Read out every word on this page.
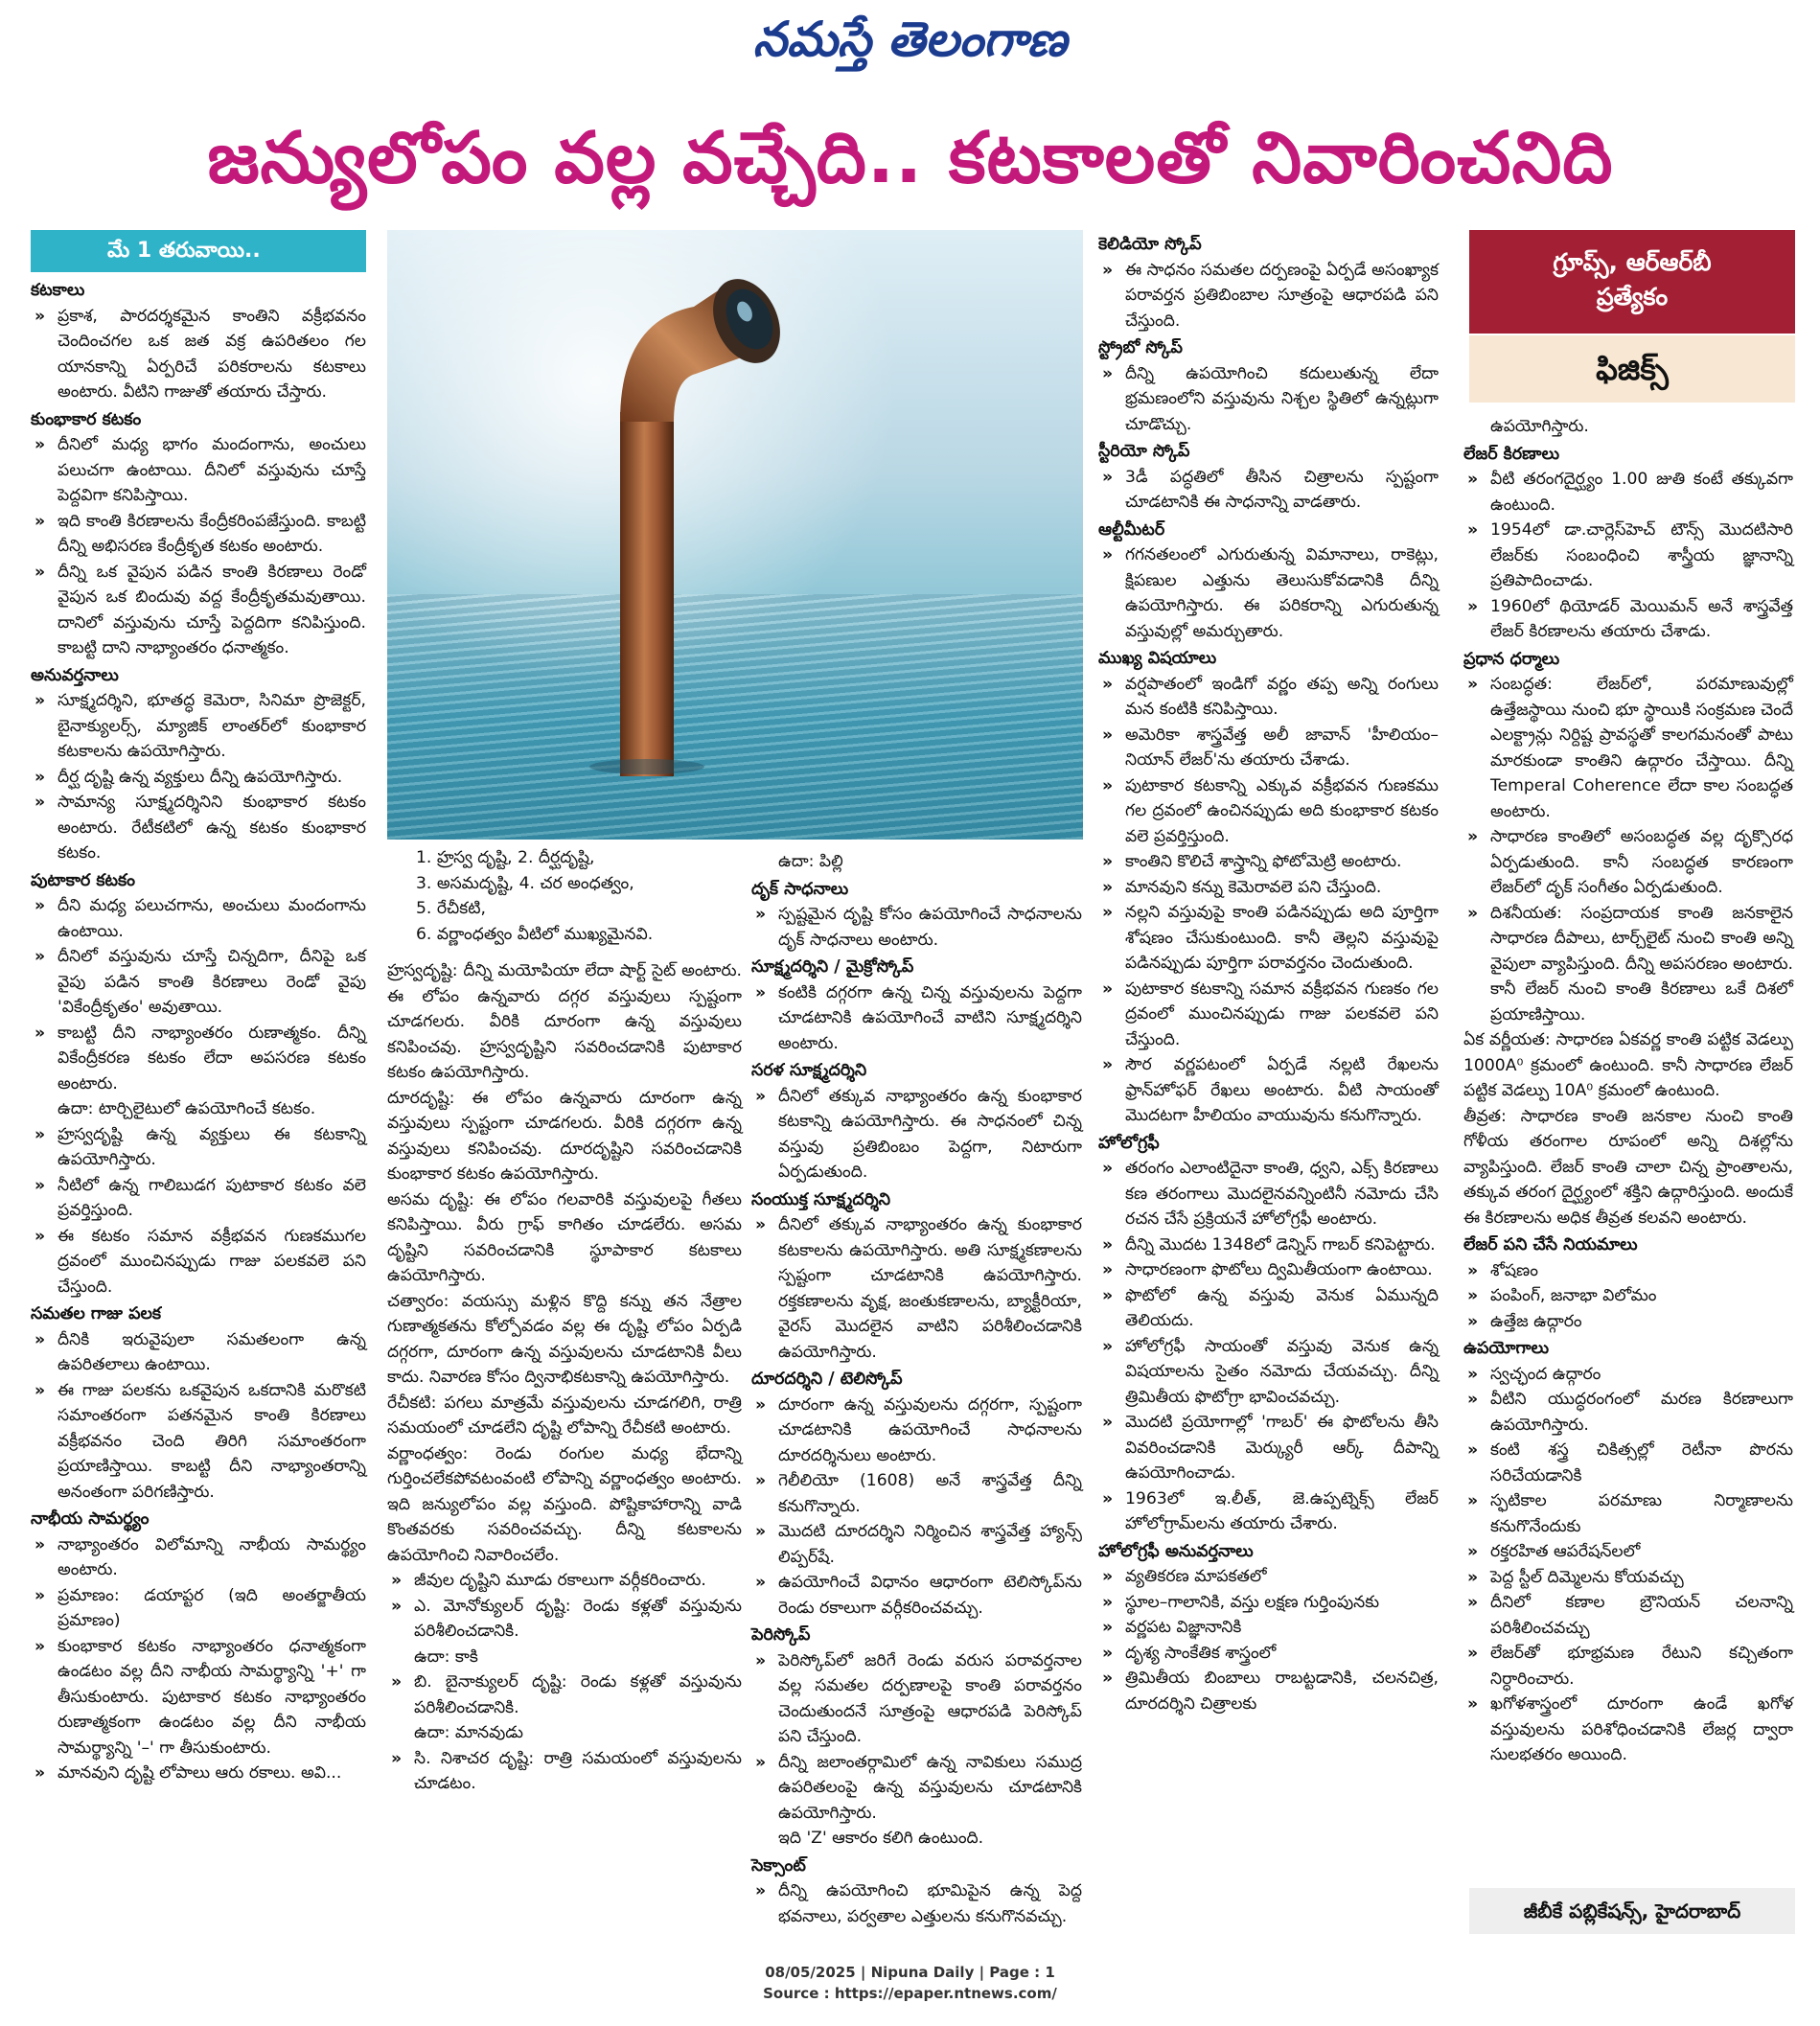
నమస్తే తెలంగాణ
జన్యులోపం వల్ల వచ్చేది.. కటకాలతో నివారించనిది
మే 1 తరువాయి..
కటకాలు
» ప్రకాశ, పారదర్శకమైన కాంతిని వక్రీభవనం చెందించగల ఒక జత వక్ర ఉపరితలం గల యానకాన్ని ఏర్పరిచే పరికరాలను కటకాలు అంటారు. వీటిని గాజుతో తయారు చేస్తారు.
కుంభాకార కటకం
» దీనిలో మధ్య భాగం మందంగాను, అంచులు పలుచగా ఉంటాయి. దీనిలో వస్తువును చూస్తే పెద్దవిగా కనిపిస్తాయి.
» ఇది కాంతి కిరణాలను కేంద్రీకరింపజేస్తుంది. కాబట్టి దీన్ని అభిసరణ కేంద్రీకృత కటకం అంటారు.
» దీన్ని ఒక వైపున పడిన కాంతి కిరణాలు రెండో వైపున ఒక బిందువు వద్ద కేంద్రీకృతమవుతాయి. దానిలో వస్తువును చూస్తే పెద్దదిగా కనిపిస్తుంది. కాబట్టి దాని నాభ్యాంతరం ధనాత్మకం.
అనువర్తనాలు
» సూక్ష్మదర్శిని, భూతద్ధ కెమెరా, సినిమా ప్రొజెక్టర్‌, బైనాక్యులర్స్‌, మ్యాజిక్‌ లాంతర్‌లో కుంభాకార కటకాలను ఉపయోగిస్తారు.
» దీర్ఘ దృష్టి ఉన్న వ్యక్తులు దీన్ని ఉపయోగిస్తారు.
» సామాన్య సూక్ష్మదర్శినిని కుంభాకార కటకం అంటారు. రేటీకటిలో ఉన్న కటకం కుంభాకార కటకం.
పుటాకార కటకం
» దీని మధ్య పలుచగాను, అంచులు మందంగాను ఉంటాయి.
» దీనిలో వస్తువును చూస్తే చిన్నదిగా, దీనిపై ఒక వైపు పడిన కాంతి కిరణాలు రెండో వైపు 'వికేంద్రీకృతం' అవుతాయి.
» కాబట్టి దీని నాభ్యాంతరం రుణాత్మకం. దీన్ని వికేంద్రీకరణ కటకం లేదా అపసరణ కటకం అంటారు.
ఉదా: టార్చిలైటులో ఉపయోగించే కటకం.
» హ్రస్వదృష్టి ఉన్న వ్యక్తులు ఈ కటకాన్ని ఉపయోగిస్తారు.
» నీటిలో ఉన్న గాలిబుడగ పుటాకార కటకం వలె ప్రవర్తిస్తుంది.
» ఈ కటకం సమాన వక్రీభవన గుణకముగల ద్రవంలో ముంచినప్పుడు గాజు పలకవలె పని చేస్తుంది.
సమతల గాజు పలక
» దీనికి ఇరువైపులా సమతలంగా ఉన్న ఉపరితలాలు ఉంటాయి.
» ఈ గాజు పలకను ఒకవైపున ఒకదానికి మరొకటి సమాంతరంగా పతనమైన కాంతి కిరణాలు వక్రీభవనం చెంది తిరిగి సమాంతరంగా ప్రయాణిస్తాయి. కాబట్టి దీని నాభ్యాంతరాన్ని అనంతంగా పరిగణిస్తారు.
నాభీయ సామర్థ్యం
» నాభ్యాంతరం విలోమాన్ని నాభీయ సామర్థ్యం అంటారు.
» ప్రమాణం: డయాప్టర (ఇది అంతర్జాతీయ ప్రమాణం)
» కుంభాకార కటకం నాభ్యాంతరం ధనాత్మకంగా ఉండటం వల్ల దీని నాభీయ సామర్థ్యాన్ని '+' గా తీసుకుంటారు. పుటాకార కటకం నాభ్యాంతరం రుణాత్మకంగా ఉండటం వల్ల దీని నాభీయ సామర్థ్యాన్ని '–' గా తీసుకుంటారు.
» మానవుని దృష్టి లోపాలు ఆరు రకాలు. అవి...
1. హ్రస్వ దృష్టి, 2. దీర్ఘదృష్టి,
3. అసమదృష్టి, 4. చర అంధత్వం,
5. రేచీకటి,
6. వర్ణాంధత్వం వీటిలో ముఖ్యమైనవి.
హ్రస్వదృష్టి: దీన్ని మయోపియా లేదా షార్ట్‌ సైట్‌ అంటారు. ఈ లోపం ఉన్నవారు దగ్గర వస్తువులు స్పష్టంగా చూడగలరు. వీరికి దూరంగా ఉన్న వస్తువులు కనిపించవు. హ్రస్వదృష్టిని సవరించడానికి పుటాకార కటకం ఉపయోగిస్తారు.
దూరదృష్టి: ఈ లోపం ఉన్నవారు దూరంగా ఉన్న వస్తువులు స్పష్టంగా చూడగలరు. వీరికి దగ్గరగా ఉన్న వస్తువులు కనిపించవు. దూరదృష్టిని సవరించడానికి కుంభాకార కటకం ఉపయోగిస్తారు.
అసమ దృష్టి: ఈ లోపం గలవారికి వస్తువులపై గీతలు కనిపిస్తాయి. వీరు గ్రాఫ్‌ కాగితం చూడలేరు. అసమ దృష్టిని సవరించడానికి స్థూపాకార కటకాలు ఉపయోగిస్తారు.
చత్వారం: వయస్సు మళ్లిన కొద్ది కన్ను తన నేత్రాల గుణాత్మకతను కోల్పోవడం వల్ల ఈ దృష్టి లోపం ఏర్పడి దగ్గరగా, దూరంగా ఉన్న వస్తువులను చూడటానికి వీలు కాదు. నివారణ కోసం ద్వినాభికటకాన్ని ఉపయోగిస్తారు.
రేచీకటి: పగలు మాత్రమే వస్తువులను చూడగలిగి, రాత్రి సమయంలో చూడలేని దృష్టి లోపాన్ని రేచీకటి అంటారు.
వర్ణాంధత్వం: రెండు రంగుల మధ్య భేదాన్ని గుర్తించలేకపోవటంవంటి లోపాన్ని వర్ణాంధత్వం అంటారు. ఇది జన్యులోపం వల్ల వస్తుంది. పోష్టికాహారాన్ని వాడి కొంతవరకు సవరించవచ్చు. దీన్ని కటకాలను ఉపయోగించి నివారించలేం.
» జీవుల దృష్టిని మూడు రకాలుగా వర్గీకరించారు.
» ఎ. మోనోక్యులర్‌ దృష్టి: రెండు కళ్లతో వస్తువును పరిశీలించడానికి.
ఉదా: కాకి
» బి. బైనాక్యులర్‌ దృష్టి: రెండు కళ్లతో వస్తువును పరిశీలించడానికి.
ఉదా: మానవుడు
» సి. నిశాచర దృష్టి: రాత్రి సమయంలో వస్తువులను చూడటం.
ఉదా: పిల్లి
దృక్‌ సాధనాలు
» స్పష్టమైన దృష్టి కోసం ఉపయోగించే సాధనాలను దృక్‌ సాధనాలు అంటారు.
సూక్ష్మదర్శిని / మైక్రోస్కోప్‌
» కంటికి దగ్గరగా ఉన్న చిన్న వస్తువులను పెద్దగా చూడటానికి ఉపయోగించే వాటిని సూక్ష్మదర్శిని అంటారు.
సరళ సూక్ష్మదర్శిని
» దీనిలో తక్కువ నాభ్యాంతరం ఉన్న కుంభాకార కటకాన్ని ఉపయోగిస్తారు. ఈ సాధనంలో చిన్న వస్తువు ప్రతిబింబం పెద్దగా, నిటారుగా ఏర్పడుతుంది.
సంయుక్త సూక్ష్మదర్శిని
» దీనిలో తక్కువ నాభ్యాంతరం ఉన్న కుంభాకార కటకాలను ఉపయోగిస్తారు. అతి సూక్ష్మకణాలను స్పష్టంగా చూడటానికి ఉపయోగిస్తారు. రక్తకణాలను వృక్ష, జంతుకణాలను, బ్యాక్టీరియా, వైరస్‌ మొదలైన వాటిని పరిశీలించడానికి ఉపయోగిస్తారు.
దూరదర్శిని / టెలిస్కోప్‌
» దూరంగా ఉన్న వస్తువులను దగ్గరగా, స్పష్టంగా చూడటానికి ఉపయోగించే సాధనాలను దూరదర్శినులు అంటారు.
» గెలీలియో (1608) అనే శాస్త్రవేత్త దీన్ని కనుగొన్నారు.
» మొదటి దూరదర్శిని నిర్మించిన శాస్త్రవేత్త హ్యాన్స్‌ లిప్పర్‌షే.
» ఉపయోగించే విధానం ఆధారంగా టెలిస్కోప్‌ను రెండు రకాలుగా వర్గీకరించవచ్చు.
పెరిస్కోప్‌
» పెరిస్కోప్‌లో జరిగే రెండు వరుస పరావర్తనాల వల్ల సమతల దర్పణాలపై కాంతి పరావర్తనం చెందుతుందనే సూత్రంపై ఆధారపడి పెరిస్కోప్‌ పని చేస్తుంది.
» దీన్ని జలాంతర్గామిలో ఉన్న నావికులు సముద్ర ఉపరితలంపై ఉన్న వస్తువులను చూడటానికి ఉపయోగిస్తారు.
ఇది 'Z' ఆకారం కలిగి ఉంటుంది.
సెక్సాంట్‌
» దీన్ని ఉపయోగించి భూమిపైన ఉన్న పెద్ద భవనాలు, పర్వతాల ఎత్తులను కనుగొనవచ్చు.
కెలిడియో స్కోప్‌
» ఈ సాధనం సమతల దర్పణంపై ఏర్పడే అసంఖ్యాక పరావర్తన ప్రతిబింబాల సూత్రంపై ఆధారపడి పని చేస్తుంది.
స్ట్రోబో స్కోప్‌
» దీన్ని ఉపయోగించి కదులుతున్న లేదా భ్రమణంలోని వస్తువును నిశ్చల స్థితిలో ఉన్నట్లుగా చూడొచ్చు.
స్టీరియో స్కోప్‌
» 3డీ పద్ధతిలో తీసిన చిత్రాలను స్పష్టంగా చూడటానికి ఈ సాధనాన్ని వాడతారు.
ఆల్టీమీటర్‌
» గగనతలంలో ఎగురుతున్న విమానాలు, రాకెట్లు, క్షిపణుల ఎత్తును తెలుసుకోవడానికి దీన్ని ఉపయోగిస్తారు. ఈ పరికరాన్ని ఎగురుతున్న వస్తువుల్లో అమర్చుతారు.
ముఖ్య విషయాలు
» వర్షపాతంలో ఇండిగో వర్ణం తప్ప అన్ని రంగులు మన కంటికి కనిపిస్తాయి.
» అమెరికా శాస్త్రవేత్త అలీ జావాన్‌ 'హీలియం–నియాన్‌ లేజర్‌'ను తయారు చేశాడు.
» పుటాకార కటకాన్ని ఎక్కువ వక్రీభవన గుణకము గల ద్రవంలో ఉంచినప్పుడు అది కుంభాకార కటకం వలె ప్రవర్తిస్తుంది.
» కాంతిని కొలిచే శాస్త్రాన్ని ఫోటోమెట్రి అంటారు.
» మానవుని కన్ను కెమెరావలె పని చేస్తుంది.
» నల్లని వస్తువుపై కాంతి పడినప్పుడు అది పూర్తిగా శోషణం చేసుకుంటుంది. కానీ తెల్లని వస్తువుపై పడినప్పుడు పూర్తిగా పరావర్తనం చెందుతుంది.
» పుటాకార కటకాన్ని సమాన వక్రీభవన గుణకం గల ద్రవంలో ముంచినప్పుడు గాజు పలకవలె పని చేస్తుంది.
» సౌర వర్ణపటంలో ఏర్పడే నల్లటి రేఖలను ఫ్రాన్‌హోఫర్‌ రేఖలు అంటారు. వీటి సాయంతో మొదటగా హీలియం వాయువును కనుగొన్నారు.
హోలోగ్రఫీ
» తరంగం ఎలాంటిదైనా కాంతి, ధ్వని, ఎక్స్‌ కిరణాలు కణ తరంగాలు మొదలైనవన్నింటినీ నమోదు చేసి రచన చేసే ప్రక్రియనే హోలోగ్రఫీ అంటారు.
» దీన్ని మొదట 1348లో డెన్నిస్‌ గాబర్‌ కనిపెట్టారు.
» సాధారణంగా ఫొటోలు ద్విమితీయంగా ఉంటాయి.
» ఫొటోలో ఉన్న వస్తువు వెనుక ఏమున్నది తెలియదు.
» హోలోగ్రఫీ సాయంతో వస్తువు వెనుక ఉన్న విషయాలను సైతం నమోదు చేయవచ్చు. దీన్ని త్రిమితీయ ఫొటోగ్రా భావించవచ్చు.
» మొదటి ప్రయోగాల్లో 'గాబర్‌' ఈ ఫొటోలను తీసి వివరించడానికి మెర్క్యురీ ఆర్క్‌ దీపాన్ని ఉపయోగించాడు.
» 1963లో ఇ.లీత్‌, జె.ఉప్పట్నెక్స్‌ లేజర్‌ హోలోగ్రామ్‌లను తయారు చేశారు.
హోలోగ్రఫీ అనువర్తనాలు
» వ్యతికరణ మాపకతలో
» స్థూల–గాలానికి, వస్తు లక్షణ గుర్తింపునకు
» వర్ణపట విజ్ఞానానికి
» దృశ్య సాంకేతిక శాస్త్రంలో
» త్రిమితీయ బింబాలు రాబట్టడానికి, చలనచిత్ర, దూరదర్శిని చిత్రాలకు
గ్రూప్స్‌, ఆర్‌ఆర్‌బీ
ప్రత్యేకం
ఫిజిక్స్‌
ఉపయోగిస్తారు.
లేజర్‌ కిరణాలు
» వీటి తరంగదైర్ఘ్యం 1.00 జుతి కంటే తక్కువగా ఉంటుంది.
» 1954లో డా.చార్లెస్‌హెచ్‌ టౌన్స్‌ మొదటిసారి లేజర్‌కు సంబంధించి శాస్త్రీయ జ్ఞానాన్ని ప్రతిపాదించాడు.
» 1960లో థియోడర్‌ మెయిమన్‌ అనే శాస్త్రవేత్త లేజర్‌ కిరణాలను తయారు చేశాడు.
ప్రధాన ధర్మాలు
» సంబద్ధత: లేజర్‌లో, పరమాణువుల్లో ఉత్తేజస్థాయి నుంచి భూ స్థాయికి సంక్రమణ చెందే ఎలక్ట్రాన్లు నిర్దిష్ట ప్రావస్థతో కాలగమనంతో పాటు మారకుండా కాంతిని ఉద్గారం చేస్తాయి. దీన్ని Temperal Coherence లేదా కాల సంబద్ధత అంటారు.
» సాధారణ కాంతిలో అసంబద్ధత వల్ల దృక్సొరధ ఏర్పడుతుంది. కానీ సంబద్ధత కారణంగా లేజర్‌లో దృక్‌ సంగీతం ఏర్పడుతుంది.
» దిశనీయత: సంప్రదాయక కాంతి జనకాలైన సాధారణ దీపాలు, టార్చ్‌లైట్‌ నుంచి కాంతి అన్ని వైపులా వ్యాపిస్తుంది. దీన్ని అపసరణం అంటారు. కానీ లేజర్‌ నుంచి కాంతి కిరణాలు ఒకే దిశలో ప్రయాణిస్తాయి.
ఏక వర్ణీయత: సాధారణ ఏకవర్ణ కాంతి పట్టిక వెడల్పు 1000A⁰ క్రమంలో ఉంటుంది. కానీ సాధారణ లేజర్‌ పట్టిక వెడల్పు 10A⁰ క్రమంలో ఉంటుంది.
తీవ్రత: సాధారణ కాంతి జనకాల నుంచి కాంతి గోళీయ తరంగాల రూపంలో అన్ని దిశల్లోను వ్యాపిస్తుంది. లేజర్‌ కాంతి చాలా చిన్న ప్రాంతాలను, తక్కువ తరంగ దైర్ఘ్యంలో శక్తిని ఉద్గారిస్తుంది. అందుకే ఈ కిరణాలను అధిక తీవ్రత కలవని అంటారు.
లేజర్‌ పని చేసే నియమాలు
» శోషణం
» పంపింగ్‌, జనాభా విలోమం
» ఉత్తేజ ఉద్గారం
ఉపయోగాలు
» స్వచ్ఛంద ఉద్గారం
» వీటిని యుద్ధరంగంలో మరణ కిరణాలుగా ఉపయోగిస్తారు.
» కంటి శస్త్ర చికిత్సల్లో రెటీనా పొరను సరిచేయడానికి
» స్ఫటికాల పరమాణు నిర్మాణాలను కనుగొనేందుకు
» రక్తరహిత ఆపరేషన్‌లలో
» పెద్ద స్టీల్‌ దిమ్మెలను కోయవచ్చు
» దీనిలో కణాల బ్రౌనియన్‌ చలనాన్ని పరిశీలించవచ్చు
» లేజర్‌తో భూభ్రమణ రేటుని కచ్చితంగా నిర్ధారించారు.
» ఖగోళశాస్త్రంలో దూరంగా ఉండే ఖగోళ వస్తువులను పరిశోధించడానికి లేజర్ల ద్వారా సులభతరం అయింది.
జీబీకే పబ్లికేషన్స్‌, హైదరాబాద్‌
08/05/2025 | Nipuna Daily | Page : 1
Source : https://epaper.ntnews.com/
